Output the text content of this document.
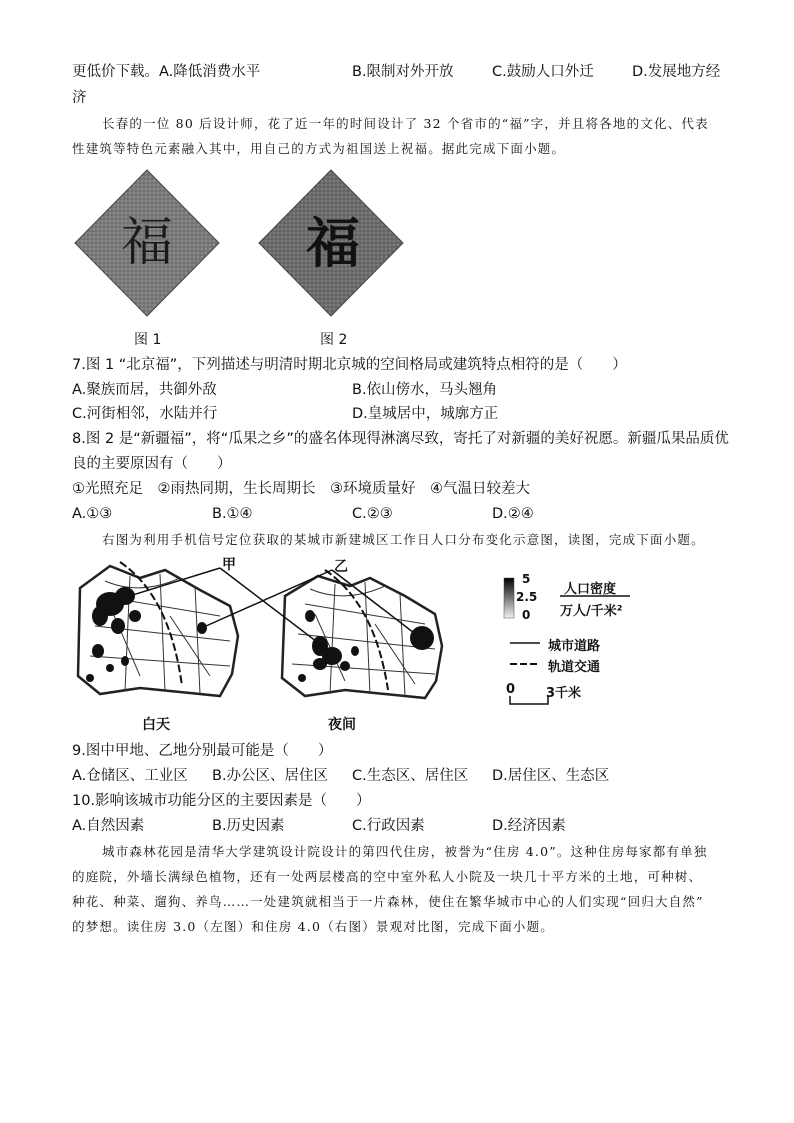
更低价下载。A.降低消费水平	B.限制对外开放	C.鼓励人口外迁	D.发展地方经
济
长春的一位 80 后设计师，花了近一年的时间设计了 32 个省市的“福”字，并且将各地的文化、代表
性建筑等特色元素融入其中，用自己的方式为祖国送上祝福。据此完成下面小题。
福
图 1
福
图 2
7.图 1 “北京福”，下列描述与明清时期北京城的空间格局或建筑特点相符的是（　　）
A.聚族而居，共御外敌	B.依山傍水，马头翘角
C.河街相邻，水陆并行	D.皇城居中，城廓方正
8.图 2 是“新疆福”，将“瓜果之乡”的盛名体现得淋漓尽致，寄托了对新疆的美好祝愿。新疆瓜果品质优
良的主要原因有（　　）
①光照充足　②雨热同期，生长周期长　③环境质量好　④气温日较差大
A.①③	B.①④	C.②③	D.②④
右图为利用手机信号定位获取的某城市新建城区工作日人口分布变化示意图，读图，完成下面小题。
甲	乙
白天	夜间
5
2.5
0
人口密度
万人/千米²
城市道路
轨道交通
0 3千米
9.图中甲地、乙地分别最可能是（　　）
A.仓储区、工业区 B.办公区、居住区 C.生态区、居住区 D.居住区、生态区
10.影响该城市功能分区的主要因素是（　　）
A.自然因素	B.历史因素	C.行政因素	D.经济因素
城市森林花园是清华大学建筑设计院设计的第四代住房，被誉为“住房 4.0”。这种住房每家都有单独
的庭院，外墙长满绿色植物，还有一处两层楼高的空中室外私人小院及一块几十平方米的土地，可种树、
种花、种菜、遛狗、养鸟……一处建筑就相当于一片森林，使住在繁华城市中心的人们实现“回归大自然”
的梦想。读住房 3.0（左图）和住房 4.0（右图）景观对比图，完成下面小题。
